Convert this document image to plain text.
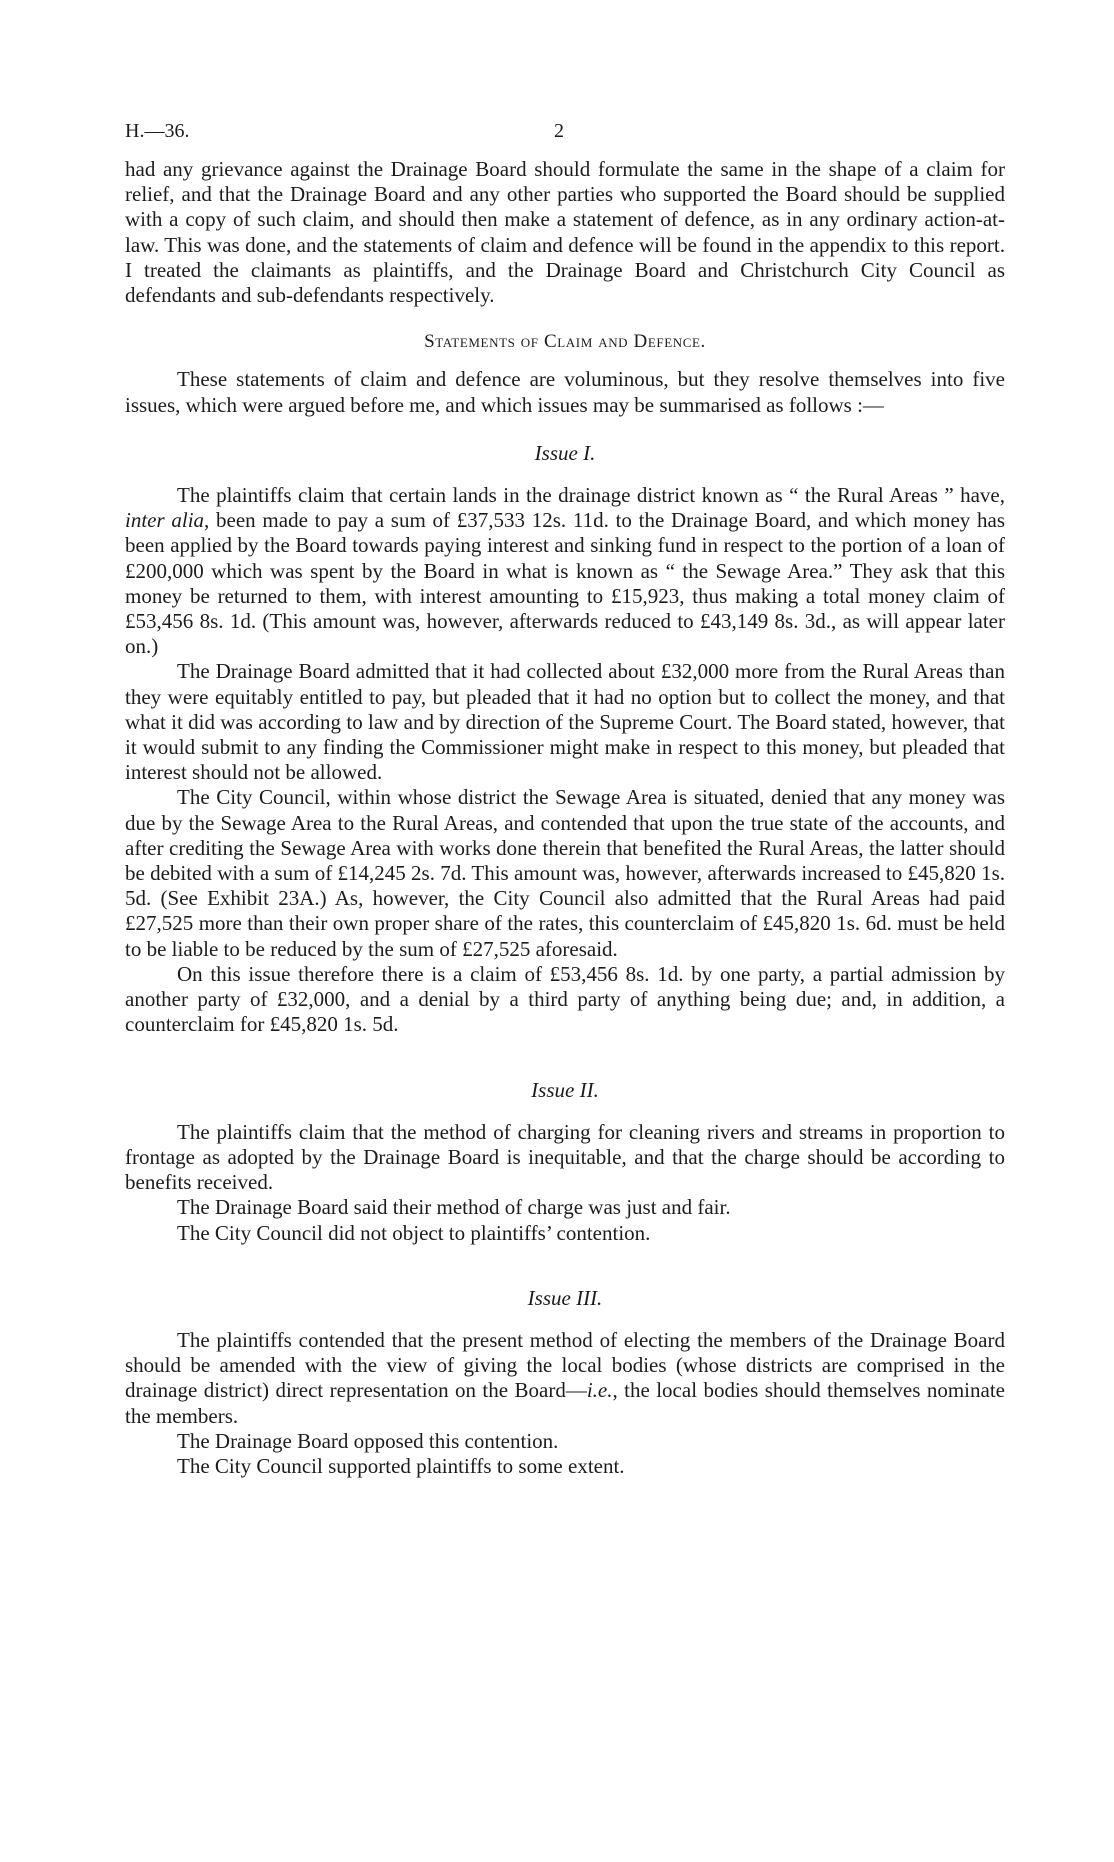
H.—36.	2

had any grievance against the Drainage Board should formulate the same in the shape of a claim for relief, and that the Drainage Board and any other parties who supported the Board should be supplied with a copy of such claim, and should then make a statement of defence, as in any ordinary action-at-law. This was done, and the statements of claim and defence will be found in the appendix to this report. I treated the claimants as plaintiffs, and the Drainage Board and Christchurch City Council as defendants and sub-defendants respectively.

Statements of Claim and Defence.

These statements of claim and defence are voluminous, but they resolve themselves into five issues, which were argued before me, and which issues may be summarised as follows :—

Issue I.

The plaintiffs claim that certain lands in the drainage district known as “ the Rural Areas ” have, inter alia, been made to pay a sum of £37,533 12s. 11d. to the Drainage Board, and which money has been applied by the Board towards paying interest and sinking fund in respect to the portion of a loan of £200,000 which was spent by the Board in what is known as “ the Sewage Area.” They ask that this money be returned to them, with interest amounting to £15,923, thus making a total money claim of £53,456 8s. 1d. (This amount was, however, afterwards reduced to £43,149 8s. 3d., as will appear later on.)

The Drainage Board admitted that it had collected about £32,000 more from the Rural Areas than they were equitably entitled to pay, but pleaded that it had no option but to collect the money, and that what it did was according to law and by direction of the Supreme Court. The Board stated, however, that it would submit to any finding the Commissioner might make in respect to this money, but pleaded that interest should not be allowed.

The City Council, within whose district the Sewage Area is situated, denied that any money was due by the Sewage Area to the Rural Areas, and contended that upon the true state of the accounts, and after crediting the Sewage Area with works done therein that benefited the Rural Areas, the latter should be debited with a sum of £14,245 2s. 7d. This amount was, however, afterwards increased to £45,820 1s. 5d. (See Exhibit 23A.) As, however, the City Council also admitted that the Rural Areas had paid £27,525 more than their own proper share of the rates, this counterclaim of £45,820 1s. 6d. must be held to be liable to be reduced by the sum of £27,525 aforesaid.

On this issue therefore there is a claim of £53,456 8s. 1d. by one party, a partial admission by another party of £32,000, and a denial by a third party of anything being due; and, in addition, a counterclaim for £45,820 1s. 5d.

Issue II.

The plaintiffs claim that the method of charging for cleaning rivers and streams in proportion to frontage as adopted by the Drainage Board is inequitable, and that the charge should be according to benefits received.

The Drainage Board said their method of charge was just and fair.

The City Council did not object to plaintiffs’ contention.

Issue III.

The plaintiffs contended that the present method of electing the members of the Drainage Board should be amended with the view of giving the local bodies (whose districts are comprised in the drainage district) direct representation on the Board—i.e., the local bodies should themselves nominate the members.

The Drainage Board opposed this contention.

The City Council supported plaintiffs to some extent.
